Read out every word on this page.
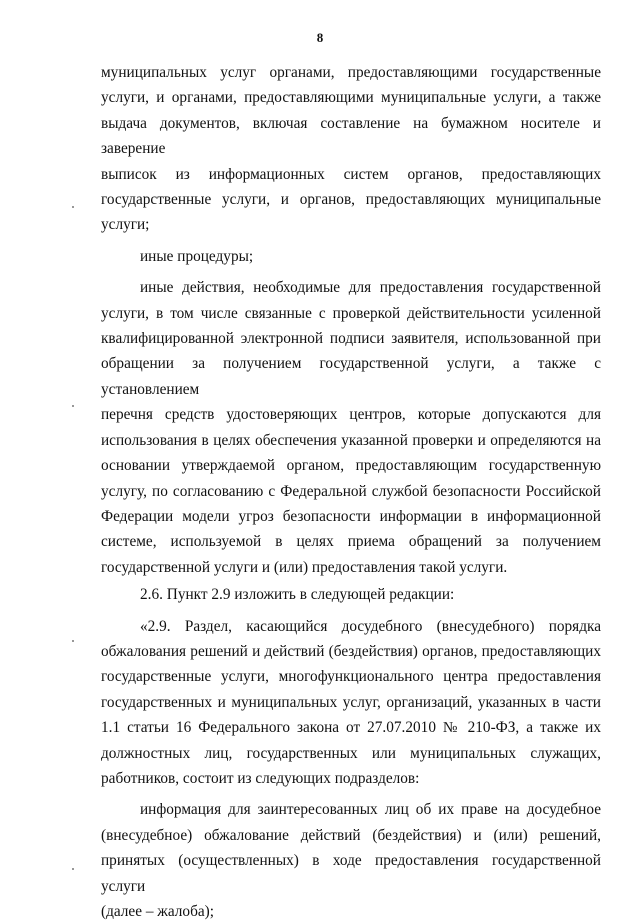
8

муниципальных услуг органами, предоставляющими государственные

услуги, и органами, предоставляющими муниципальные услуги, а также

выдача документов, включая составление на бумажном носителе и заверение

выписок из информационных систем органов, предоставляющих

государственные услуги, и органов, предоставляющих муниципальные

услуги;

иные процедуры;

иные действия, необходимые для предоставления государственной

услуги, в том числе связанные с проверкой действительности усиленной

квалифицированной электронной подписи заявителя, использованной при

обращении за получением государственной услуги, а также с установлением

перечня средств удостоверяющих центров, которые допускаются для

использования в целях обеспечения указанной проверки и определяются на

основании утверждаемой органом, предоставляющим государственную

услугу, по согласованию с Федеральной службой безопасности Российской

Федерации модели угроз безопасности информации в информационной

системе, используемой в целях приема обращений за получением

государственной услуги и (или) предоставления такой услуги.

2.6. Пункт 2.9 изложить в следующей редакции:

«2.9. Раздел, касающийся досудебного (внесудебного) порядка

обжалования решений и действий (бездействия) органов, предоставляющих

государственные услуги, многофункционального центра предоставления

государственных и муниципальных услуг, организаций, указанных в части

1.1 статьи 16 Федерального закона от 27.07.2010 № 210-ФЗ, а также их

должностных лиц, государственных или муниципальных служащих,

работников, состоит из следующих подразделов:

информация для заинтересованных лиц об их праве на досудебное

(внесудебное) обжалование действий (бездействия) и (или) решений,

принятых (осуществленных) в ходе предоставления государственной услуги

(далее – жалоба);
